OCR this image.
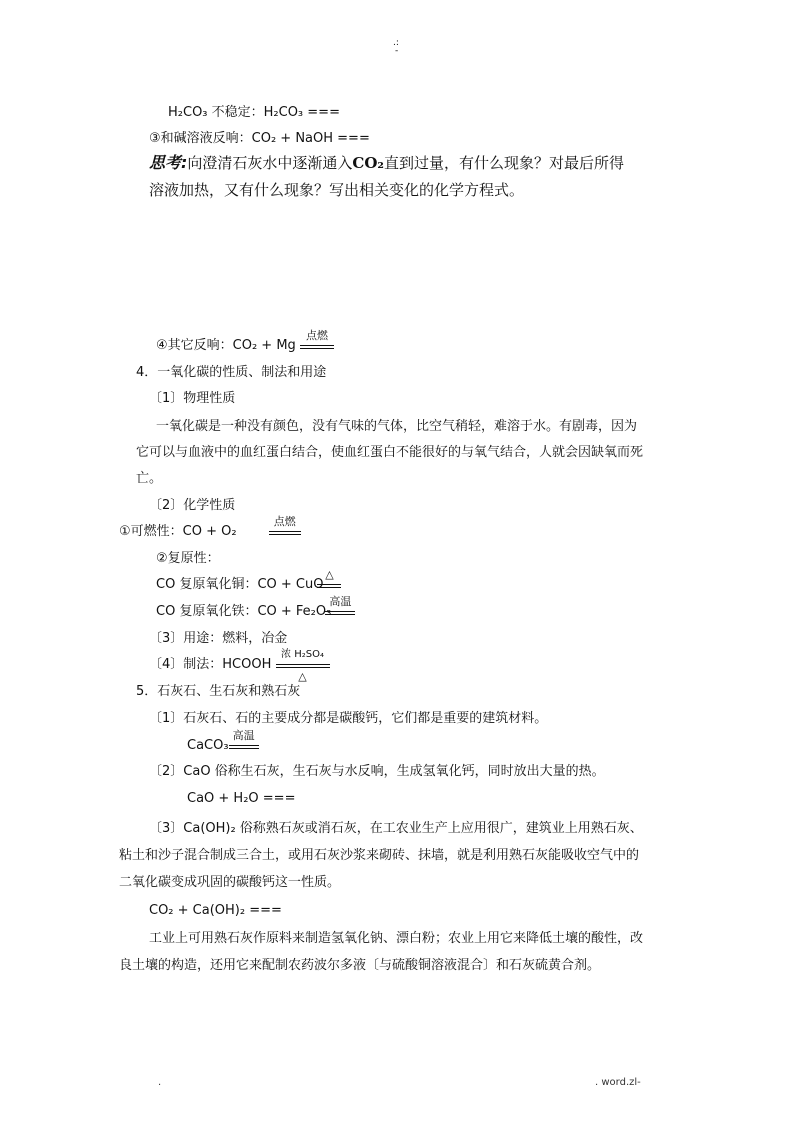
.:
-
H₂CO₃ 不稳定：H₂CO₃ ===
③和碱溶液反响：CO₂ + NaOH ===
思考:向澄清石灰水中逐渐通入CO₂直到过量，有什么现象？对最后所得
溶液加热，又有什么现象？写出相关变化的化学方程式。
④其它反响：CO₂ + Mg
点燃
4．一氧化碳的性质、制法和用途
〔1〕物理性质
一氧化碳是一种没有颜色，没有气味的气体，比空气稍轻，难溶于水。有剧毒，因为
它可以与血液中的血红蛋白结合，使血红蛋白不能很好的与氧气结合，人就会因缺氧而死
亡。
〔2〕化学性质
①可燃性：CO + O₂
点燃
②复原性：
CO 复原氧化铜：CO + CuO
△
CO 复原氧化铁：CO + Fe₂O₃
高温
〔3〕用途：燃料，冶金
〔4〕制法：HCOOH
浓 H₂SO₄
△
5．石灰石、生石灰和熟石灰
〔1〕石灰石、石的主要成分都是碳酸钙，它们都是重要的建筑材料。
CaCO₃
高温
〔2〕CaO 俗称生石灰，生石灰与水反响，生成氢氧化钙，同时放出大量的热。
CaO + H₂O ===
〔3〕Ca(OH)₂ 俗称熟石灰或消石灰，在工农业生产上应用很广，建筑业上用熟石灰、
粘土和沙子混合制成三合土，或用石灰沙浆来砌砖、抹墙，就是利用熟石灰能吸收空气中的
二氧化碳变成巩固的碳酸钙这一性质。
CO₂ + Ca(OH)₂ ===
工业上可用熟石灰作原料来制造氢氧化钠、漂白粉；农业上用它来降低土壤的酸性，改
良土壤的构造，还用它来配制农药波尔多液〔与硫酸铜溶液混合〕和石灰硫黄合剂。
.	. word.zl-
